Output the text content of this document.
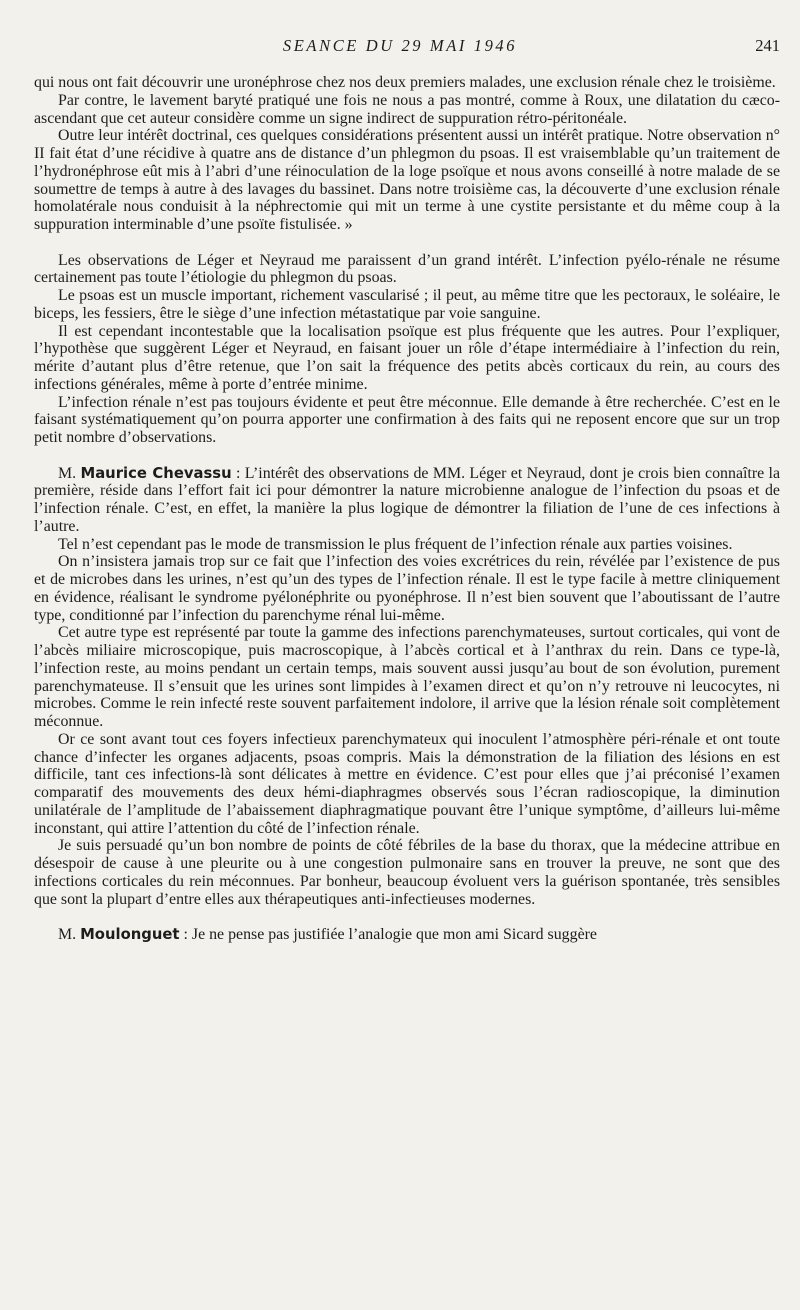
SEANCE DU 29 MAI 1946	241

qui nous ont fait découvrir une uronéphrose chez nos deux premiers malades, une exclusion rénale chez le troisième.

Par contre, le lavement baryté pratiqué une fois ne nous a pas montré, comme à Roux, une dilatation du cæco-ascendant que cet auteur considère comme un signe indirect de suppuration rétro-péritonéale.

Outre leur intérêt doctrinal, ces quelques considérations présentent aussi un intérêt pratique. Notre observation n° II fait état d’une récidive à quatre ans de distance d’un phlegmon du psoas. Il est vraisemblable qu’un traitement de l’hydronéphrose eût mis à l’abri d’une réinoculation de la loge psoïque et nous avons conseillé à notre malade de se soumettre de temps à autre à des lavages du bassinet. Dans notre troisième cas, la découverte d’une exclusion rénale homolatérale nous conduisit à la néphrectomie qui mit un terme à une cystite persistante et du même coup à la suppuration interminable d’une psoïte fistulisée. »

Les observations de Léger et Neyraud me paraissent d’un grand intérêt. L’infection pyélo-rénale ne résume certainement pas toute l’étiologie du phlegmon du psoas.

Le psoas est un muscle important, richement vascularisé ; il peut, au même titre que les pectoraux, le soléaire, le biceps, les fessiers, être le siège d’une infection métastatique par voie sanguine.

Il est cependant incontestable que la localisation psoïque est plus fréquente que les autres. Pour l’expliquer, l’hypothèse que suggèrent Léger et Neyraud, en faisant jouer un rôle d’étape intermédiaire à l’infection du rein, mérite d’autant plus d’être retenue, que l’on sait la fréquence des petits abcès corticaux du rein, au cours des infections générales, même à porte d’entrée minime.

L’infection rénale n’est pas toujours évidente et peut être méconnue. Elle demande à être recherchée. C’est en le faisant systématiquement qu’on pourra apporter une confirmation à des faits qui ne reposent encore que sur un trop petit nombre d’observations.

M. Maurice Chevassu : L’intérêt des observations de MM. Léger et Neyraud, dont je crois bien connaître la première, réside dans l’effort fait ici pour démontrer la nature microbienne analogue de l’infection du psoas et de l’infection rénale. C’est, en effet, la manière la plus logique de démontrer la filiation de l’une de ces infections à l’autre.

Tel n’est cependant pas le mode de transmission le plus fréquent de l’infection rénale aux parties voisines.

On n’insistera jamais trop sur ce fait que l’infection des voies excrétrices du rein, révélée par l’existence de pus et de microbes dans les urines, n’est qu’un des types de l’infection rénale. Il est le type facile à mettre cliniquement en évidence, réalisant le syndrome pyélonéphrite ou pyonéphrose. Il n’est bien souvent que l’aboutissant de l’autre type, conditionné par l’infection du parenchyme rénal lui-même.

Cet autre type est représenté par toute la gamme des infections parenchymateuses, surtout corticales, qui vont de l’abcès miliaire microscopique, puis macroscopique, à l’abcès cortical et à l’anthrax du rein. Dans ce type-là, l’infection reste, au moins pendant un certain temps, mais souvent aussi jusqu’au bout de son évolution, purement parenchymateuse. Il s’ensuit que les urines sont limpides à l’examen direct et qu’on n’y retrouve ni leucocytes, ni microbes. Comme le rein infecté reste souvent parfaitement indolore, il arrive que la lésion rénale soit complètement méconnue.

Or ce sont avant tout ces foyers infectieux parenchymateux qui inoculent l’atmosphère péri-rénale et ont toute chance d’infecter les organes adjacents, psoas compris. Mais la démonstration de la filiation des lésions en est difficile, tant ces infections-là sont délicates à mettre en évidence. C’est pour elles que j’ai préconisé l’examen comparatif des mouvements des deux hémi-diaphragmes observés sous l’écran radioscopique, la diminution unilatérale de l’amplitude de l’abaissement diaphragmatique pouvant être l’unique symptôme, d’ailleurs lui-même inconstant, qui attire l’attention du côté de l’infection rénale.

Je suis persuadé qu’un bon nombre de points de côté fébriles de la base du thorax, que la médecine attribue en désespoir de cause à une pleurite ou à une congestion pulmonaire sans en trouver la preuve, ne sont que des infections corticales du rein méconnues. Par bonheur, beaucoup évoluent vers la guérison spontanée, très sensibles que sont la plupart d’entre elles aux thérapeutiques anti-infectieuses modernes.

M. Moulonguet : Je ne pense pas justifiée l’analogie que mon ami Sicard suggère
